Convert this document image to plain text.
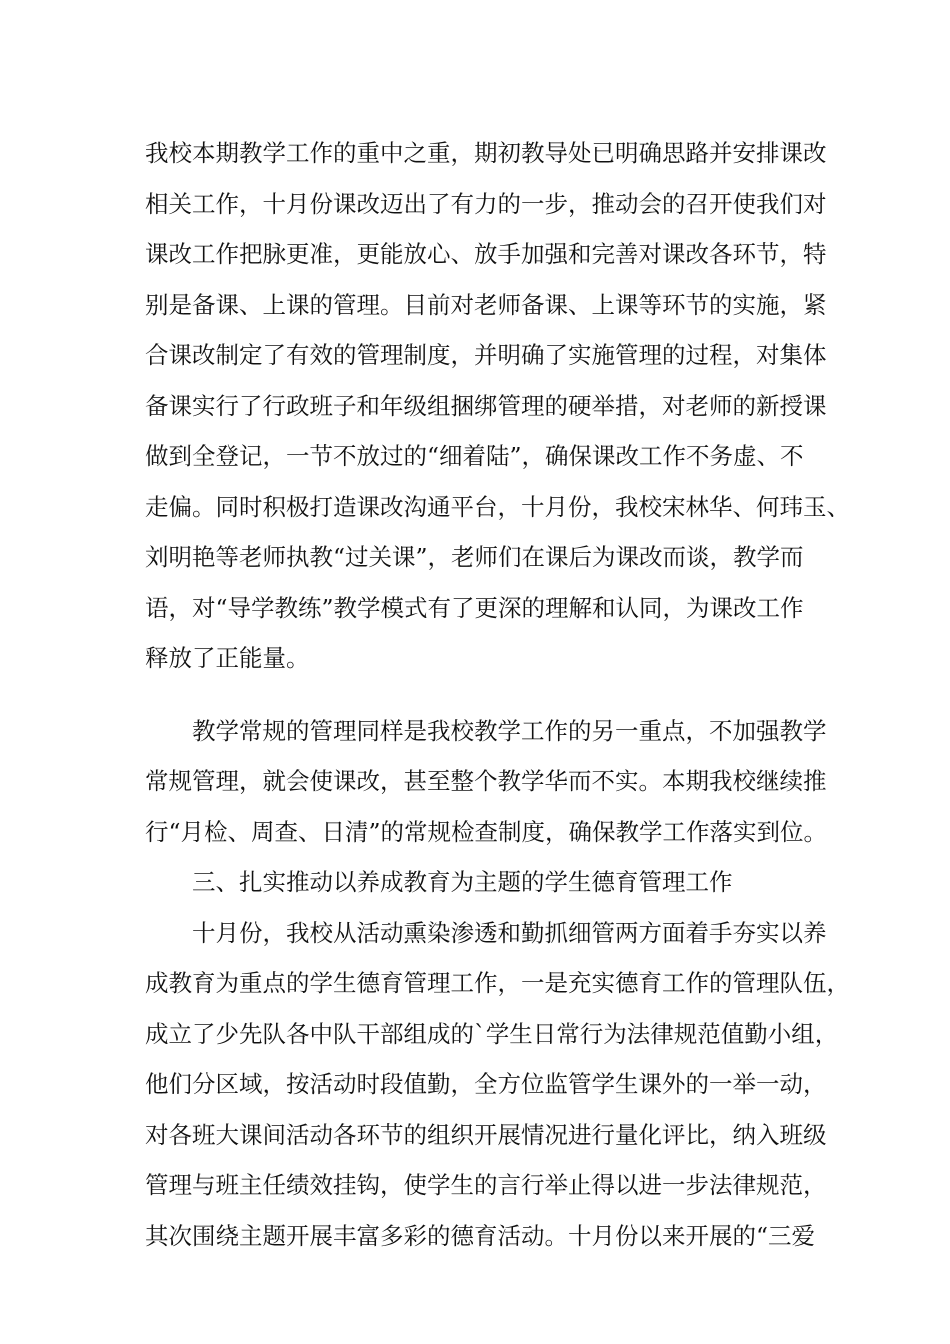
我校本期教学工作的重中之重，期初教导处已明确思路并安排课改
相关工作，十月份课改迈出了有力的一步，推动会的召开使我们对
课改工作把脉更准，更能放心、放手加强和完善对课改各环节，特
别是备课、上课的管理。目前对老师备课、上课等环节的实施，紧
合课改制定了有效的管理制度，并明确了实施管理的过程，对集体
备课实行了行政班子和年级组捆绑管理的硬举措，对老师的新授课
做到全登记，一节不放过的“细着陆”，确保课改工作不务虚、不
走偏。同时积极打造课改沟通平台，十月份，我校宋林华、何玮玉、
刘明艳等老师执教“过关课”，老师们在课后为课改而谈，教学而
语，对“导学教练”教学模式有了更深的理解和认同，为课改工作
释放了正能量。
教学常规的管理同样是我校教学工作的另一重点，不加强教学
常规管理，就会使课改，甚至整个教学华而不实。本期我校继续推
行“月检、周查、日清”的常规检查制度，确保教学工作落实到位。
三、扎实推动以养成教育为主题的学生德育管理工作
十月份，我校从活动熏染渗透和勤抓细管两方面着手夯实以养
成教育为重点的学生德育管理工作，一是充实德育工作的管理队伍，
成立了少先队各中队干部组成的`学生日常行为法律规范值勤小组，
他们分区域，按活动时段值勤，全方位监管学生课外的一举一动，
对各班大课间活动各环节的组织开展情况进行量化评比，纳入班级
管理与班主任绩效挂钩，使学生的言行举止得以进一步法律规范，
其次围绕主题开展丰富多彩的德育活动。十月份以来开展的“三爱
